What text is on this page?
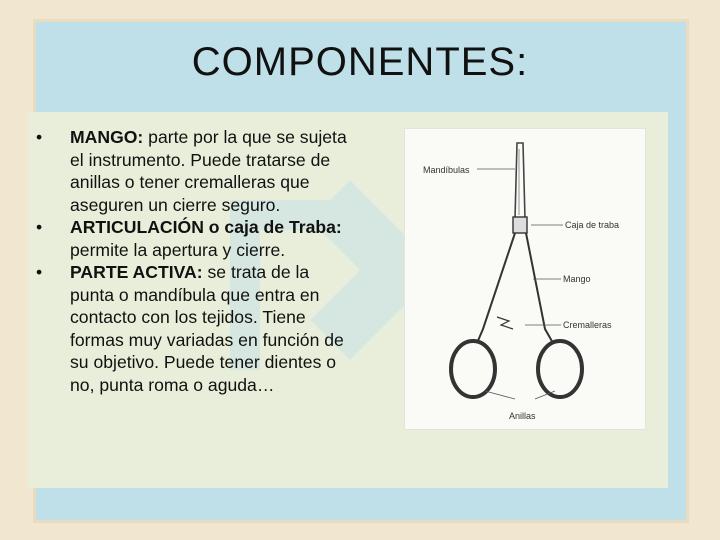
COMPONENTES:
• MANGO: parte por la que se sujeta el instrumento. Puede tratarse de anillas o tener cremalleras que aseguren un cierre seguro.
• ARTICULACIÓN o caja de Traba: permite la apertura y cierre.
• PARTE ACTIVA: se trata de la punta o mandíbula que entra en contacto con los tejidos. Tiene formas muy variadas en función de su objetivo. Puede tener dientes o no, punta roma o aguda…
Mandíbulas
Caja de traba
Mango
Cremalleras
Anillas
